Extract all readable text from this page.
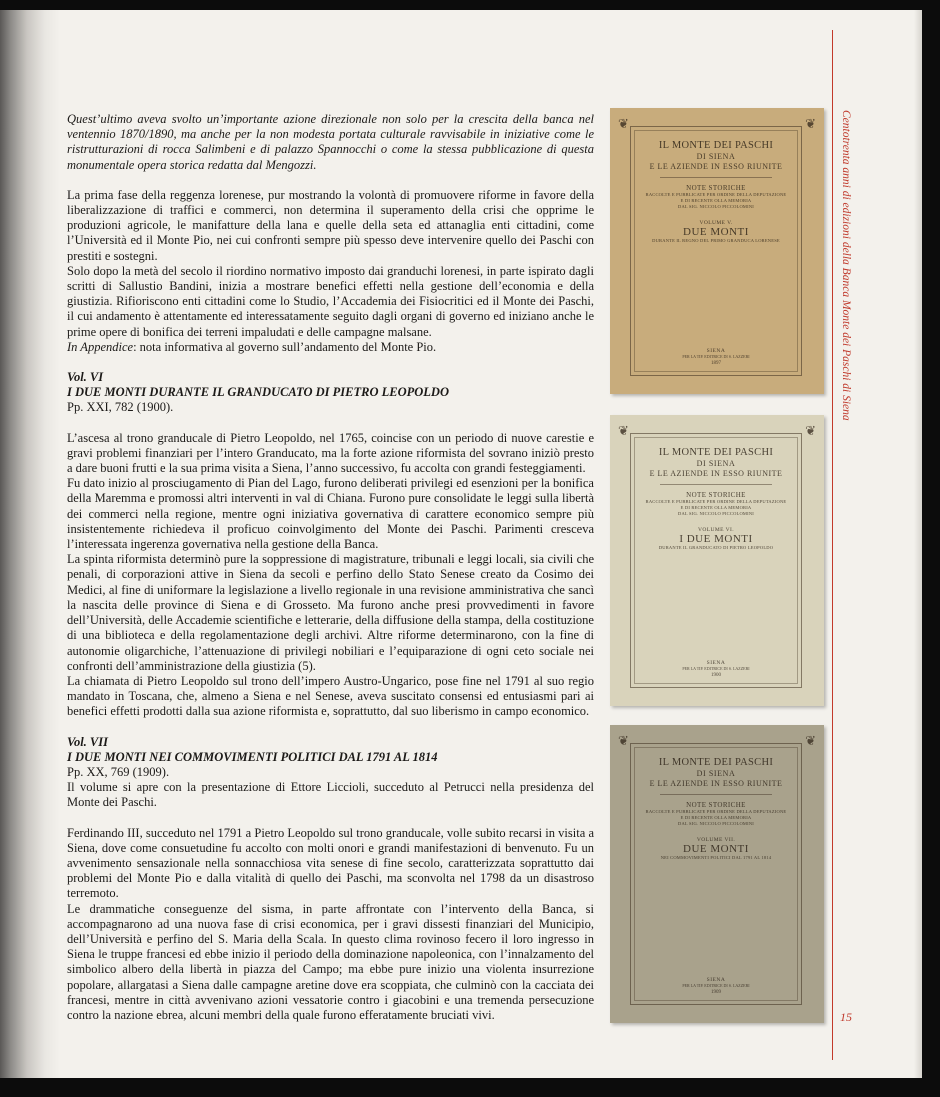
Quest’ultimo aveva svolto un’importante azione direzionale non solo per la crescita della banca nel ventennio 1870/1890, ma anche per la non modesta portata culturale ravvisabile in iniziative come le ristrutturazioni di rocca Salimbeni e di palazzo Spannocchi o come la stessa pubblicazione di questa monumentale opera storica redatta dal Mengozzi.

La prima fase della reggenza lorenese, pur mostrando la volontà di promuovere riforme in favore della liberalizzazione di traffici e commerci, non determina il superamento della crisi che opprime le produzioni agricole, le manifatture della lana e quelle della seta ed attanaglia enti cittadini, come l’Università ed il Monte Pio, nei cui confronti sempre più spesso deve intervenire quello dei Paschi con prestiti e sostegni.

Solo dopo la metà del secolo il riordino normativo imposto dai granduchi lorenesi, in parte ispirato dagli scritti di Sallustio Bandini, inizia a mostrare benefici effetti nella gestione dell’economia e della giustizia. Rifioriscono enti cittadini come lo Studio, l’Accademia dei Fisiocritici ed il Monte dei Paschi, il cui andamento è attentamente ed interessatamente seguito dagli organi di governo ed iniziano anche le prime opere di bonifica dei terreni impaludati e delle campagne malsane.

In Appendice: nota informativa al governo sull’andamento del Monte Pio.

Vol. VI

I DUE MONTI DURANTE IL GRANDUCATO DI PIETRO LEOPOLDO

Pp. XXI, 782 (1900).

L’ascesa al trono granducale di Pietro Leopoldo, nel 1765, coincise con un periodo di nuove carestie e gravi problemi finanziari per l’intero Granducato, ma la forte azione riformista del sovrano iniziò presto a dare buoni frutti e la sua prima visita a Siena, l’anno successivo, fu accolta con grandi festeggiamenti.

Fu dato inizio al prosciugamento di Pian del Lago, furono deliberati privilegi ed esenzioni per la bonifica della Maremma e promossi altri interventi in val di Chiana. Furono pure consolidate le leggi sulla libertà dei commerci nella regione, mentre ogni iniziativa governativa di carattere economico sempre più insistentemente richiedeva il proficuo coinvolgimento del Monte dei Paschi. Parimenti cresceva l’interessata ingerenza governativa nella gestione della Banca.

La spinta riformista determinò pure la soppressione di magistrature, tribunali e leggi locali, sia civili che penali, di corporazioni attive in Siena da secoli e perfino dello Stato Senese creato da Cosimo dei Medici, al fine di uniformare la legislazione a livello regionale in una revisione amministrativa che sancì la nascita delle province di Siena e di Grosseto. Ma furono anche presi provvedimenti in favore dell’Università, delle Accademie scientifiche e letterarie, della diffusione della stampa, della costituzione di una biblioteca e della regolamentazione degli archivi. Altre riforme determinarono, con la fine di autonomie oligarchiche, l’attenuazione di privilegi nobiliari e l’equiparazione di ogni ceto sociale nei confronti dell’amministrazione della giustizia (5).

La chiamata di Pietro Leopoldo sul trono dell’impero Austro-Ungarico, pose fine nel 1791 al suo regio mandato in Toscana, che, almeno a Siena e nel Senese, aveva suscitato consensi ed entusiasmi pari ai benefici effetti prodotti dalla sua azione riformista e, soprattutto, dal suo liberismo in campo economico.

Vol. VII

I DUE MONTI NEI COMMOVIMENTI POLITICI DAL 1791 AL 1814

Pp. XX, 769 (1909).

Il volume si apre con la presentazione di Ettore Liccioli, succeduto al Petrucci nella presidenza del Monte dei Paschi.

Ferdinando III, succeduto nel 1791 a Pietro Leopoldo sul trono granducale, volle subito recarsi in visita a Siena, dove come consuetudine fu accolto con molti onori e grandi manifestazioni di benvenuto. Fu un avvenimento sensazionale nella sonnacchiosa vita senese di fine secolo, caratterizzata soprattutto dai problemi del Monte Pio e dalla vitalità di quello dei Paschi, ma sconvolta nel 1798 da un disastroso terremoto.

Le drammatiche conseguenze del sisma, in parte affrontate con l’intervento della Banca, si accompagnarono ad una nuova fase di crisi economica, per i gravi dissesti finanziari del Municipio, dell’Università e perfino del S. Maria della Scala. In questo clima rovinoso fecero il loro ingresso in Siena le truppe francesi ed ebbe inizio il periodo della dominazione napoleonica, con l’innalzamento del simbolico albero della libertà in piazza del Campo; ma ebbe pure inizio una violenta insurrezione popolare, allargatasi a Siena dalle campagne aretine dove era scoppiata, che culminò con la cacciata dei francesi, mentre in città avvenivano azioni vessatorie contro i giacobini e una tremenda persecuzione contro la nazione ebrea, alcuni membri della quale furono efferatamente bruciati vivi.

❦	❦
IL MONTE DEI PASCHI
DI SIENA
E LE AZIENDE IN ESSO RIUNITE
NOTE STORICHE
RACCOLTE E PUBBLICATE PER ORDINE DELLA DEPUTAZIONE
E DI RECENTE OLLA MEMORIA
DAL SIG. NICCOLO PICCOLOMINI
VOLUME V.
DUE MONTI
DURANTE IL REGNO DEL PRIMO GRANDUCA LORENESE
SIENA
PER LA TIP. EDITRICE DI S. LAZZERI
1897
❦	❦
IL MONTE DEI PASCHI
DI SIENA
E LE AZIENDE IN ESSO RIUNITE
NOTE STORICHE
RACCOLTE E PUBBLICATE PER ORDINE DELLA DEPUTAZIONE
E DI RECENTE OLLA MEMORIA
DAL SIG. NICCOLO PICCOLOMINI
VOLUME VI.
I DUE MONTI
DURANTE IL GRANDUCATO DI PIETRO LEOPOLDO
SIENA
PER LA TIP. EDITRICE DI S. LAZZERI
1900
❦	❦
IL MONTE DEI PASCHI
DI SIENA
E LE AZIENDE IN ESSO RIUNITE
NOTE STORICHE
RACCOLTE E PUBBLICATE PER ORDINE DELLA DEPUTAZIONE
E DI RECENTE OLLA MEMORIA
DAL SIG. NICCOLO PICCOLOMINI
VOLUME VII.
DUE MONTI
NEI COMMOVIMENTI POLITICI DAL 1791 AL 1814
SIENA
PER LA TIP. EDITRICE DI S. LAZZERI
1909
Centotrenta anni di edizioni della Banca Monte dei Paschi di Siena
15
